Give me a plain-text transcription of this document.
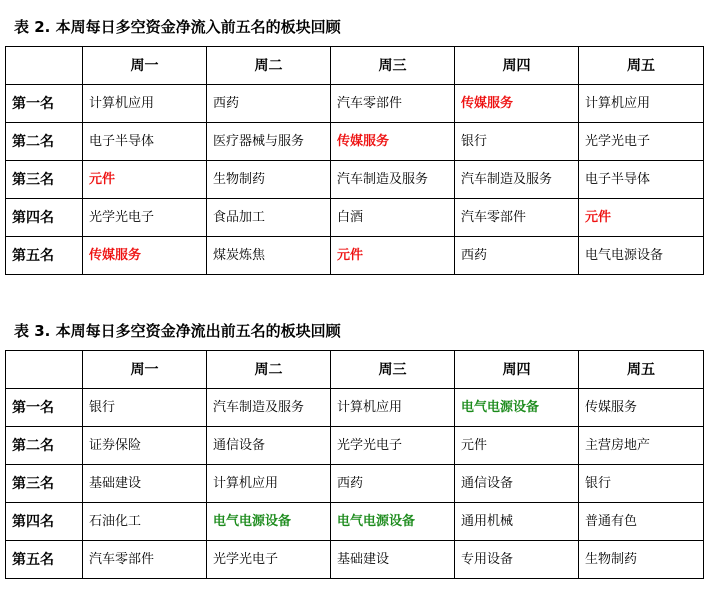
表 2. 本周每日多空资金净流入前五名的板块回顾
	周一	周二	周三	周四	周五
第一名	计算机应用	西药	汽车零部件	传媒服务	计算机应用
第二名	电子半导体	医疗器械与服务	传媒服务	银行	光学光电子
第三名	元件	生物制药	汽车制造及服务	汽车制造及服务	电子半导体
第四名	光学光电子	食品加工	白酒	汽车零部件	元件
第五名	传媒服务	煤炭炼焦	元件	西药	电气电源设备
表 3. 本周每日多空资金净流出前五名的板块回顾
	周一	周二	周三	周四	周五
第一名	银行	汽车制造及服务	计算机应用	电气电源设备	传媒服务
第二名	证券保险	通信设备	光学光电子	元件	主营房地产
第三名	基础建设	计算机应用	西药	通信设备	银行
第四名	石油化工	电气电源设备	电气电源设备	通用机械	普通有色
第五名	汽车零部件	光学光电子	基础建设	专用设备	生物制药
